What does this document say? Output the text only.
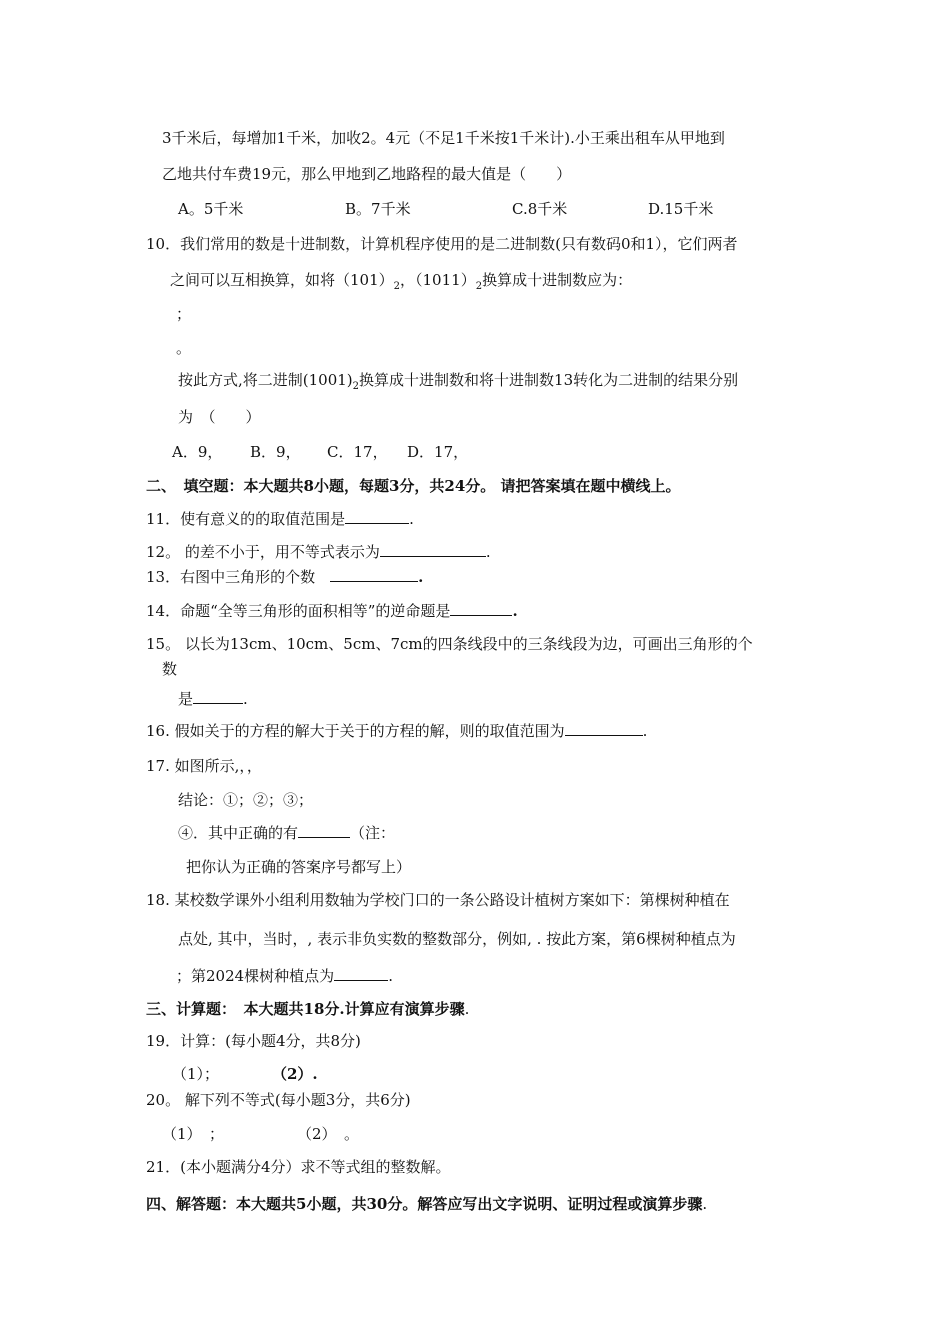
3千米后，每增加1千米，加收2。4元（不足1千米按1千米计).小王乘出租车从甲地到
乙地共付车费19元，那么甲地到乙地路程的最大值是（　　）
A。5千米	B。7千米	C.8千米	D.15千米
10．我们常用的数是十进制数，计算机程序使用的是二进制数(只有数码0和1），它们两者
之间可以互相换算，如将$(101)_2$，$(1011)_2$换算成十进制数应为：
；
。
按此方式,将二进制$(1001)_2$换算成十进制数和将十进制数13转化为二进制的结果分别
为　（　　）
A．9， B．9， C．17， D．17，
二、　填空题：本大题共8小题，每题3分，共24分。 请把答案填在题中横线上。
11．使有意义的的取值范围是	.
12。 的差不小于，用不等式表示为	.
13．右图中三角形的个数　	.
14．命题“全等三角形的面积相等”的逆命题是	.
15。 以长为13cm、10cm、5cm、7cm的四条线段中的三条线段为边，可画出三角形的个
数
是	.
16. 假如关于的方程的解大于关于的方程的解，则的取值范围为	.
17. 如图所示,，，
结论：①；②；③；
④．其中正确的有	（注：
把你认为正确的答案序号都写上）
18. 某校数学课外小组利用数轴为学校门口的一条公路设计植树方案如下：第棵树种植在
点处, 其中，当时，, 表示非负实数的整数部分，例如, . 按此方案，第6棵树种植点为
；第2024棵树种植点为	.
三、计算题：　本大题共18分.计算应有演算步骤.
19．计算：(每小题4分，共8分)
（1）；	（2）.
20。 解下列不等式(每小题3分，共6分)
（1）　；	（2）　。
21．(本小题满分4分）求不等式组的整数解。
四、解答题：本大题共5小题，共30分。解答应写出文字说明、证明过程或演算步骤.
